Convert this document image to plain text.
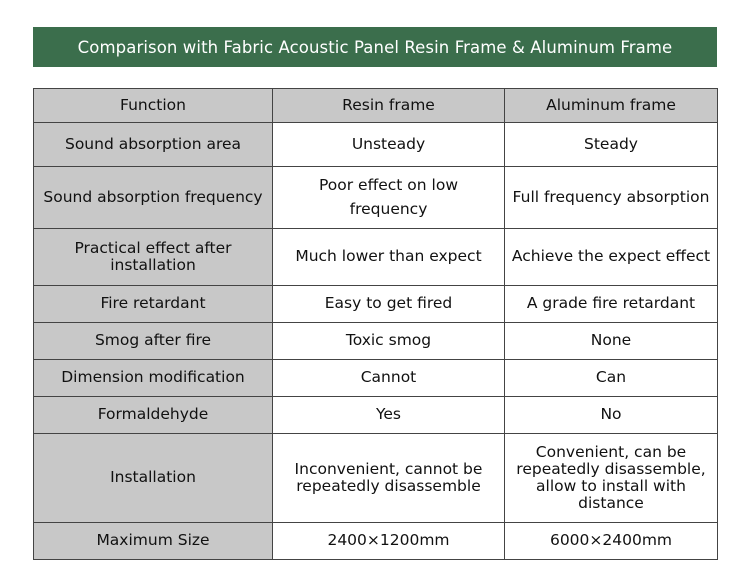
Comparison with Fabric Acoustic Panel Resin Frame & Aluminum Frame
Function	Resin frame	Aluminum frame
Sound absorption area	Unsteady	Steady
Sound absorption frequency	Poor effect on low frequency	Full frequency absorption
Practical effect after installation	Much lower than expect	Achieve the expect effect
Fire retardant	Easy to get fired	A grade fire retardant
Smog after fire	Toxic smog	None
Dimension modification	Cannot	Can
Formaldehyde	Yes	No
Installation	Inconvenient, cannot be repeatedly disassemble	Convenient, can be repeatedly disassemble, allow to install with distance
Maximum Size	2400×1200mm	6000×2400mm
